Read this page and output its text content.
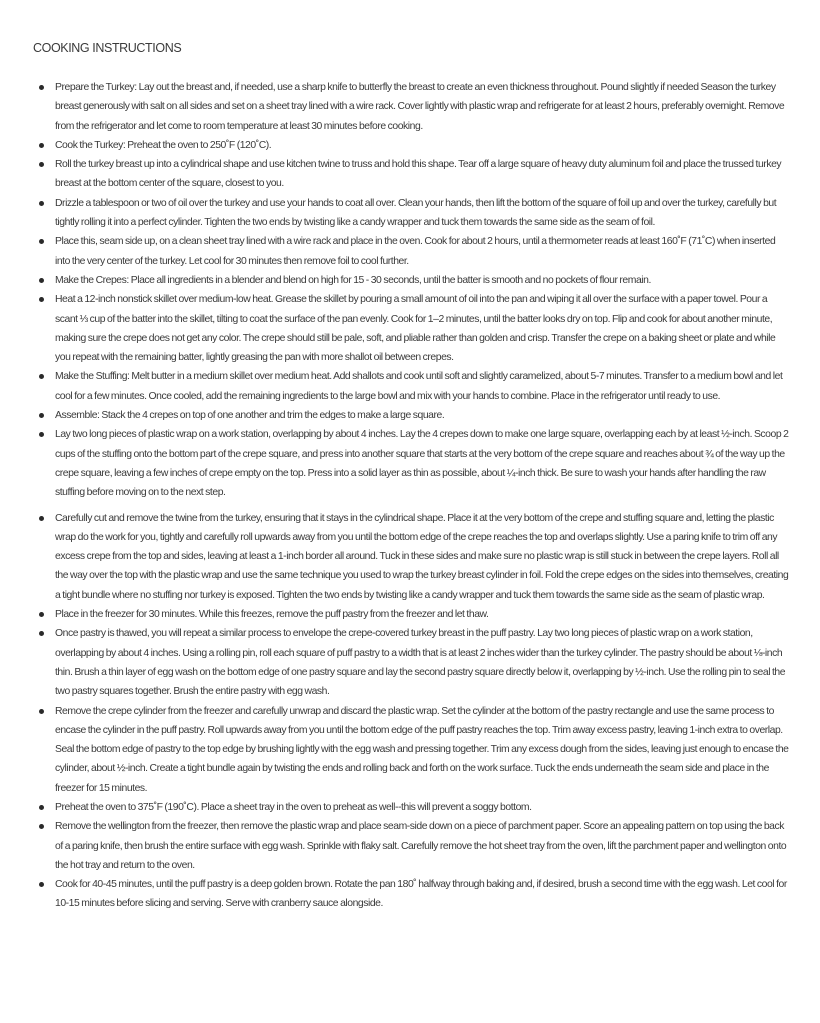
COOKING INSTRUCTIONS
Prepare the Turkey: Lay out the breast and, if needed, use a sharp knife to butterfly the breast to create an even thickness throughout. Pound slightly if needed Season the turkey breast generously with salt on all sides and set on a sheet tray lined with a wire rack. Cover lightly with plastic wrap and refrigerate for at least 2 hours, preferably overnight. Remove from the refrigerator and let come to room temperature at least 30 minutes before cooking.
Cook the Turkey: Preheat the oven to 250˚F (120˚C).
Roll the turkey breast up into a cylindrical shape and use kitchen twine to truss and hold this shape. Tear off a large square of heavy duty aluminum foil and place the trussed turkey breast at the bottom center of the square, closest to you.
Drizzle a tablespoon or two of oil over the turkey and use your hands to coat all over. Clean your hands, then lift the bottom of the square of foil up and over the turkey, carefully but tightly rolling it into a perfect cylinder. Tighten the two ends by twisting like a candy wrapper and tuck them towards the same side as the seam of foil.
Place this, seam side up, on a clean sheet tray lined with a wire rack and place in the oven. Cook for about 2 hours, until a thermometer reads at least 160˚F (71˚C) when inserted into the very center of the turkey. Let cool for 30 minutes then remove foil to cool further.
Make the Crepes: Place all ingredients in a blender and blend on high for 15 - 30 seconds, until the batter is smooth and no pockets of flour remain.
Heat a 12-inch nonstick skillet over medium-low heat. Grease the skillet by pouring a small amount of oil into the pan and wiping it all over the surface with a paper towel. Pour a scant ⅓ cup of the batter into the skillet, tilting to coat the surface of the pan evenly. Cook for 1–2 minutes, until the batter looks dry on top. Flip and cook for about another minute, making sure the crepe does not get any color. The crepe should still be pale, soft, and pliable rather than golden and crisp. Transfer the crepe on a baking sheet or plate and while you repeat with the remaining batter, lightly greasing the pan with more shallot oil between crepes.
Make the Stuffing: Melt butter in a medium skillet over medium heat. Add shallots and cook until soft and slightly caramelized, about 5-7 minutes. Transfer to a medium bowl and let cool for a few minutes. Once cooled, add the remaining ingredients to the large bowl and mix with your hands to combine. Place in the refrigerator until ready to use.
Assemble: Stack the 4 crepes on top of one another and trim the edges to make a large square.
Lay two long pieces of plastic wrap on a work station, overlapping by about 4 inches. Lay the 4 crepes down to make one large square, overlapping each by at least ½-inch. Scoop 2 cups of the stuffing onto the bottom part of the crepe square, and press into another square that starts at the very bottom of the crepe square and reaches about ¾ of the way up the crepe square, leaving a few inches of crepe empty on the top. Press into a solid layer as thin as possible, about ¼-inch thick. Be sure to wash your hands after handling the raw stuffing before moving on to the next step.
Carefully cut and remove the twine from the turkey, ensuring that it stays in the cylindrical shape. Place it at the very bottom of the crepe and stuffing square and, letting the plastic wrap do the work for you, tightly and carefully roll upwards away from you until the bottom edge of the crepe reaches the top and overlaps slightly. Use a paring knife to trim off any excess crepe from the top and sides, leaving at least a 1-inch border all around. Tuck in these sides and make sure no plastic wrap is still stuck in between the crepe layers. Roll all the way over the top with the plastic wrap and use the same technique you used to wrap the turkey breast cylinder in foil. Fold the crepe edges on the sides into themselves, creating a tight bundle where no stuffing nor turkey is exposed. Tighten the two ends by twisting like a candy wrapper and tuck them towards the same side as the seam of plastic wrap.
Place in the freezer for 30 minutes. While this freezes, remove the puff pastry from the freezer and let thaw.
Once pastry is thawed, you will repeat a similar process to envelope the crepe-covered turkey breast in the puff pastry. Lay two long pieces of plastic wrap on a work station, overlapping by about 4 inches. Using a rolling pin, roll each square of puff pastry to a width that is at least 2 inches wider than the turkey cylinder. The pastry should be about ⅛-inch thin. Brush a thin layer of egg wash on the bottom edge of one pastry square and lay the second pastry square directly below it, overlapping by ½-inch. Use the rolling pin to seal the two pastry squares together. Brush the entire pastry with egg wash.
Remove the crepe cylinder from the freezer and carefully unwrap and discard the plastic wrap. Set the cylinder at the bottom of the pastry rectangle and use the same process to encase the cylinder in the puff pastry. Roll upwards away from you until the bottom edge of the puff pastry reaches the top. Trim away excess pastry, leaving 1-inch extra to overlap. Seal the bottom edge of pastry to the top edge by brushing lightly with the egg wash and pressing together. Trim any excess dough from the sides, leaving just enough to encase the cylinder, about ½-inch. Create a tight bundle again by twisting the ends and rolling back and forth on the work surface. Tuck the ends underneath the seam side and place in the freezer for 15 minutes.
Preheat the oven to 375˚F (190˚C). Place a sheet tray in the oven to preheat as well--this will prevent a soggy bottom.
Remove the wellington from the freezer, then remove the plastic wrap and place seam-side down on a piece of parchment paper. Score an appealing pattern on top using the back of a paring knife, then brush the entire surface with egg wash. Sprinkle with flaky salt. Carefully remove the hot sheet tray from the oven, lift the parchment paper and wellington onto the hot tray and return to the oven.
Cook for 40-45 minutes, until the puff pastry is a deep golden brown. Rotate the pan 180˚ halfway through baking and, if desired, brush a second time with the egg wash. Let cool for 10-15 minutes before slicing and serving. Serve with cranberry sauce alongside.
